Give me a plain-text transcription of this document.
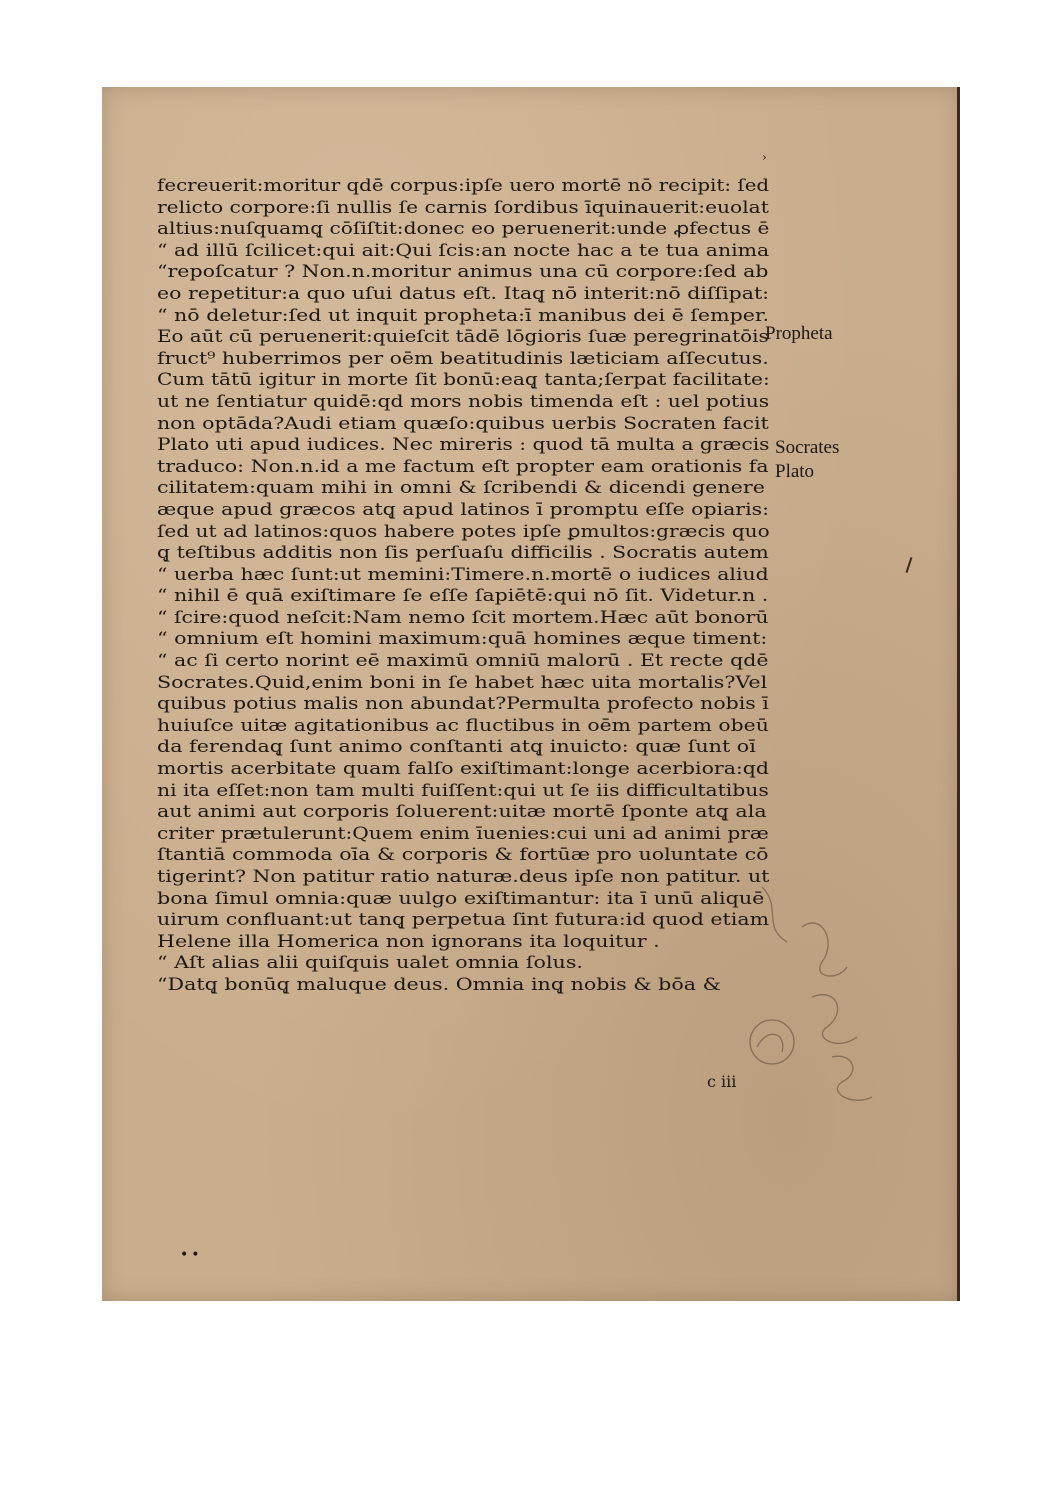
›
fecreuerit:moritur qdē corpus:ipſe uero mortē nō recipit: ſed
relicto corpore:ſi nullis ſe carnis ſordibus īquinauerit:euolat
altius:nuſquamq̨ cōſiſtit:donec eo peruenerit:unde ꝓfectus ē
“ ad illū ſcilicet:qui ait:Qui ſcis:an nocte hac a te tua anima
“repoſcatur ? Non.n.moritur animus una cū corpore:ſed ab
eo repetitur:a quo uſui datus eſt. Itaq̨ nō interit:nō diſſipat:
“ nō deletur:ſed ut inquit propheta:ī manibus dei ē ſemper.
Eo aūt cū peruenerit:quieſcit tādē lōgioris ſuæ peregrinatōis
fruct⁹ huberrimos per oēm beatitudinis læticiam aſſecutus.
Cum tātū igitur in morte ſit bonū:eaq̨ tanta;ſerpat facilitate:
ut ne ſentiatur quidē:qd mors nobis timenda eſt : uel potius
non optāda?Audi etiam quæſo:quibus uerbis Socraten facit
Plato uti apud iudices. Nec mireris : quod tā multa a græcis
traduco: Non.n.id a me factum eſt propter eam orationis fa
cilitatem:quam mihi in omni & ſcribendi & dicendi genere
æque apud græcos atq̨ apud latinos ī promptu eſſe opiaris:
ſed ut ad latinos:quos habere potes ipſe ꝑmultos:græcis quo
q̨ teſtibus additis non ſis perſuaſu difficilis . Socratis autem
“ uerba hæc ſunt:ut memini:Timere.n.mortē o iudices aliud
“ nihil ē quā exiſtimare ſe eſſe ſapiētē:qui nō ſit. Videtur.n .
“ ſcire:quod neſcit:Nam nemo ſcit mortem.Hæc aūt bonorū
“ omnium eſt homini maximum:quā homines æque timent:
“ ac ſi certo norint eē maximū omniū malorū . Et recte qdē
Socrates.Quid,enim boni in ſe habet hæc uita mortalis?Vel
quibus potius malis non abundat?Permulta profecto nobis ī
huiuſce uitæ agitationibus ac fluctibus in oēm partem obeū
da ferendaq̨ ſunt animo conſtanti atq̨ inuicto: quæ ſunt oī
mortis acerbitate quam falſo exiſtimant:longe acerbiora:qd
ni ita eſſet:non tam multi fuiſſent:qui ut ſe iis difficultatibus
aut animi aut corporis ſoluerent:uitæ mortē ſponte atq̨ ala
criter prætulerunt:Quem enim īuenies:cui uni ad animi præ
ſtantiā commoda oīa & corporis & fortūæ pro uoluntate cō
tigerint? Non patitur ratio naturæ.deus ipſe non patitur. ut
bona ſimul omnia:quæ uulgo exiſtimantur: ita ī unū aliquē
uirum confluant:ut tanq̨ perpetua ſint futura:id quod etiam
Helene illa Homerica non ignorans ita loquitur .
“ Aſt alias alii quiſquis ualet omnia ſolus.
“Datq̨ bonūq̨ maluque deus. Omnia inq̨ nobis & bōa &
Propheta
Socrates
Plato
c iii
••
